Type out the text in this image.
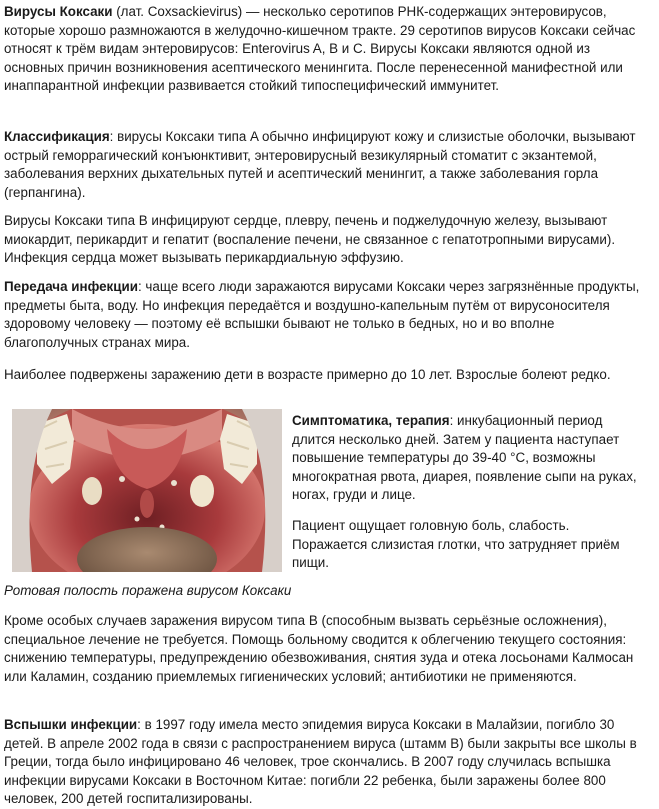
Вирусы Коксаки (лат. Coxsackievirus) — несколько серотипов РНК-содержащих энтеровирусов, которые хорошо размножаются в желудочно-кишечном тракте. 29 серотипов вирусов Коксаки сейчас относят к трём видам энтеровирусов: Enterovirus A, B и C. Вирусы Коксаки являются одной из основных причин возникновения асептического менингита. После перенесенной манифестной или инаппарантной инфекции развивается стойкий типоспецифический иммунитет.

Классификация: вирусы Коксаки типа A обычно инфицируют кожу и слизистые оболочки, вызывают острый геморрагический конъюнктивит, энтеровирусный везикулярный стоматит с экзантемой, заболевания верхних дыхательных путей и асептический менингит, а также заболевания горла (герпангина).

Вирусы Коксаки типа B инфицируют сердце, плевру, печень и поджелудочную железу, вызывают миокардит, перикардит и гепатит (воспаление печени, не связанное с гепатотропными вирусами). Инфекция сердца может вызывать перикардиальную эффузию.

Передача инфекции: чаще всего люди заражаются вирусами Коксаки через загрязнённые продукты, предметы быта, воду. Но инфекция передаётся и воздушно-капельным путём от вирусоносителя здоровому человеку — поэтому её вспышки бывают не только в бедных, но и во вполне благополучных странах мира.

Наиболее подвержены заражению дети в возрасте примерно до 10 лет. Взрослые болеют редко.

Симптоматика, терапия: инкубационный период длится несколько дней. Затем у пациента наступает повышение температуры до 39-40 °С, возможны многократная рвота, диарея, появление сыпи на руках, ногах, груди и лице.

Пациент ощущает головную боль, слабость. Поражается слизистая глотки, что затрудняет приём пищи.

Ротовая полость поражена вирусом Коксаки

Кроме особых случаев заражения вирусом типа B (способным вызвать серьёзные осложнения), специальное лечение не требуется. Помощь больному сводится к облегчению текущего состояния: снижению температуры, предупреждению обезвоживания, снятия зуда и отека лосьонами Калмосан или Каламин, созданию приемлемых гигиенических условий; антибиотики не применяются.

Вспышки инфекции: в 1997 году имела место эпидемия вируса Коксаки в Малайзии, погибло 30 детей. В апреле 2002 года в связи с распространением вируса (штамм B) были закрыты все школы в Греции, тогда было инфицировано 46 человек, трое скончались. В 2007 году случилась вспышка инфекции вирусами Коксаки в Восточном Китае: погибли 22 ребенка, были заражены более 800 человек, 200 детей госпитализированы.
